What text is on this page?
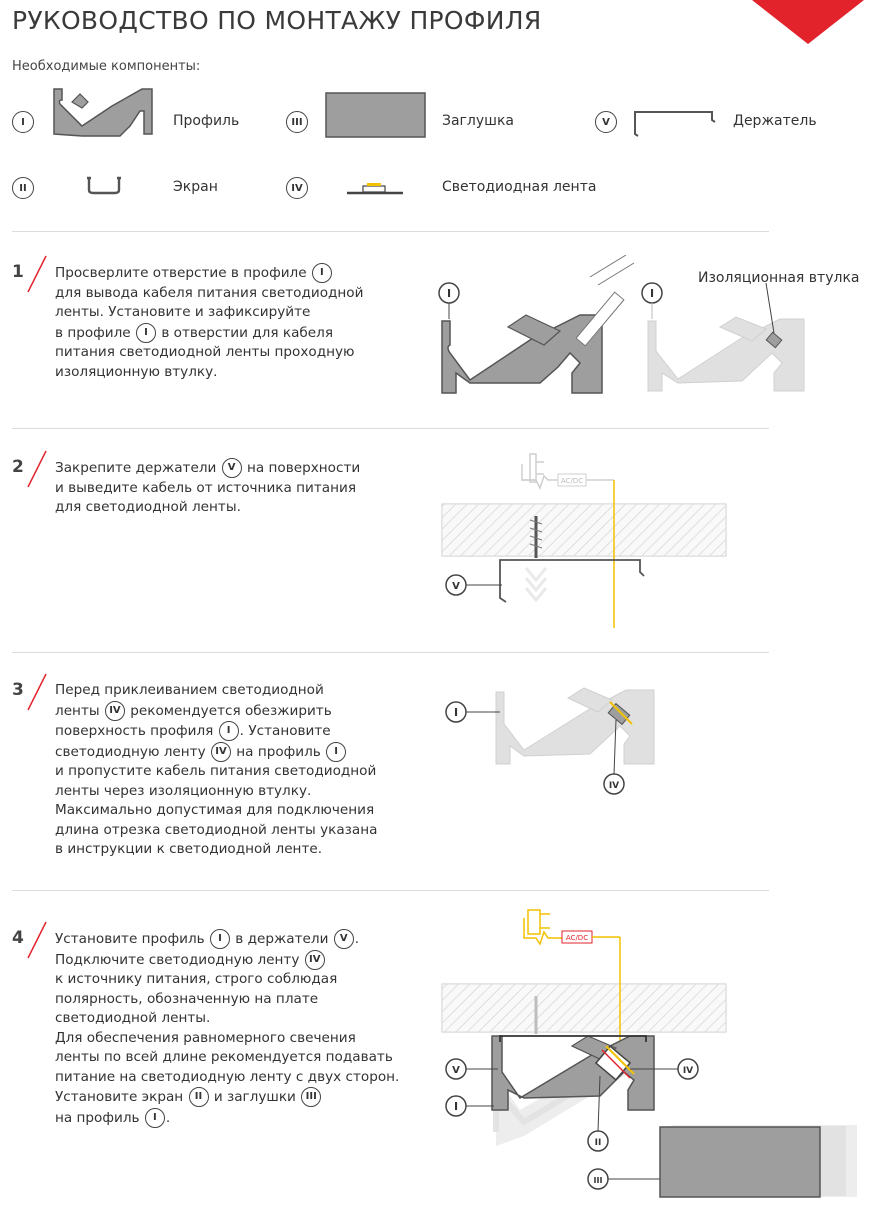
РУКОВОДСТВО ПО МОНТАЖУ ПРОФИЛЯ
Необходимые компоненты:
I	Профиль
II	Экран
III	Заглушка
IV	Светодиодная лента
V	Держатель
1 Просверлите отверстие в профиле I
для вывода кабеля питания светодиодной
ленты. Установите и зафиксируйте
в профиле I в отверстии для кабеля
питания светодиодной ленты проходную
изоляционную втулку.
I	I
Изоляционная втулка
2 Закрепите держатели V на поверхности
и выведите кабель от источника питания
для светодиодной ленты.
AC/DC
V
3 Перед приклеиванием светодиодной
ленты IV рекомендуется обезжирить
поверхность профиля I . Установите
светодиодную ленту IV на профиль I
и пропустите кабель питания светодиодной
ленты через изоляционную втулку.
Максимально допустимая для подключения
длина отрезка светодиодной ленты указана
в инструкции к светодиодной ленте.
I
IV
4 Установите профиль I в держатели V .
Подключите светодиодную ленту IV
к источнику питания, строго соблюдая
полярность, обозначенную на плате
светодиодной ленты.
Для обеспечения равномерного свечения
ленты по всей длине рекомендуется подавать
питание на светодиодную ленту с двух сторон.
Установите экран II и заглушки III
на профиль I .
AC/DC
V
I
IV
II
III
